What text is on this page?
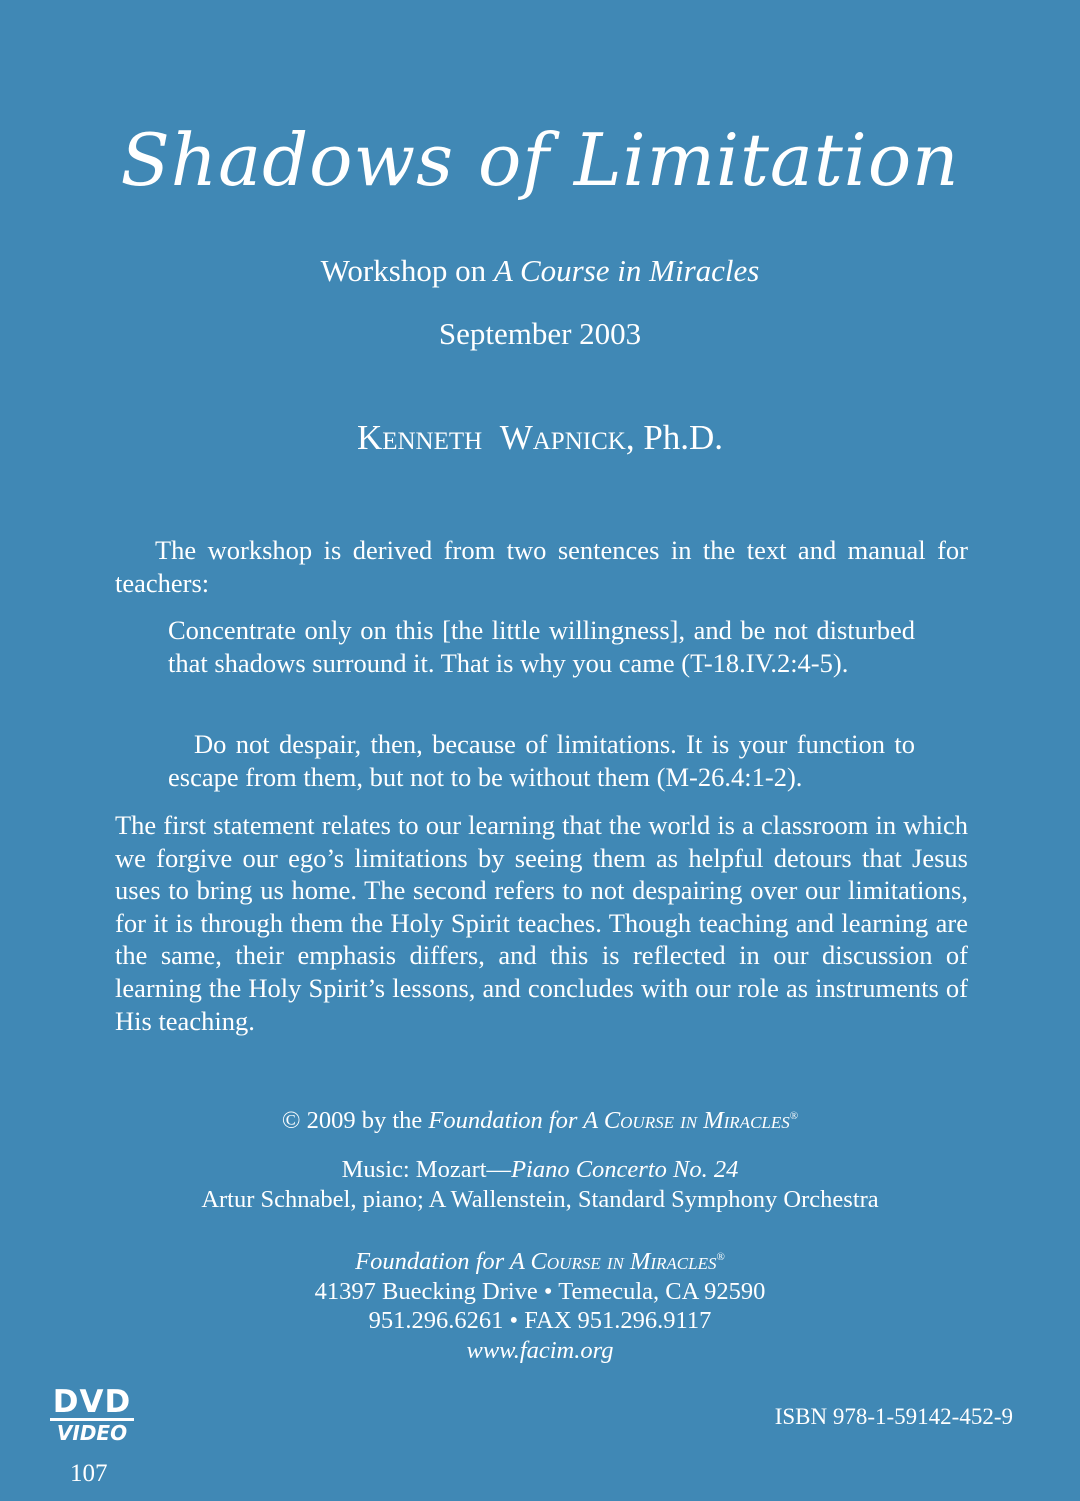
Shadows of Limitation
Workshop on A Course in Miracles
September 2003
Kenneth Wapnick, Ph.D.
The workshop is derived from two sentences in the text and manual for teachers:
Concentrate only on this [the little willingness], and be not disturbed that shadows surround it. That is why you came (T-18.IV.2:4-5).
Do not despair, then, because of limitations. It is your function to escape from them, but not to be without them (M-26.4:1-2).
The first statement relates to our learning that the world is a classroom in which we forgive our ego’s limitations by seeing them as helpful detours that Jesus uses to bring us home. The second refers to not despairing over our limitations, for it is through them the Holy Spirit teaches. Though teaching and learning are the same, their emphasis differs, and this is reflected in our discussion of learning the Holy Spirit’s lessons, and concludes with our role as instruments of His teaching.
© 2009 by the Foundation for A Course in Miracles®
Music: Mozart—Piano Concerto No. 24
Artur Schnabel, piano; A Wallenstein, Standard Symphony Orchestra
Foundation for A Course in Miracles®
41397 Buecking Drive • Temecula, CA 92590
951.296.6261 • FAX 951.296.9117
www.facim.org
DVD
VIDEO
107
ISBN 978-1-59142-452-9
